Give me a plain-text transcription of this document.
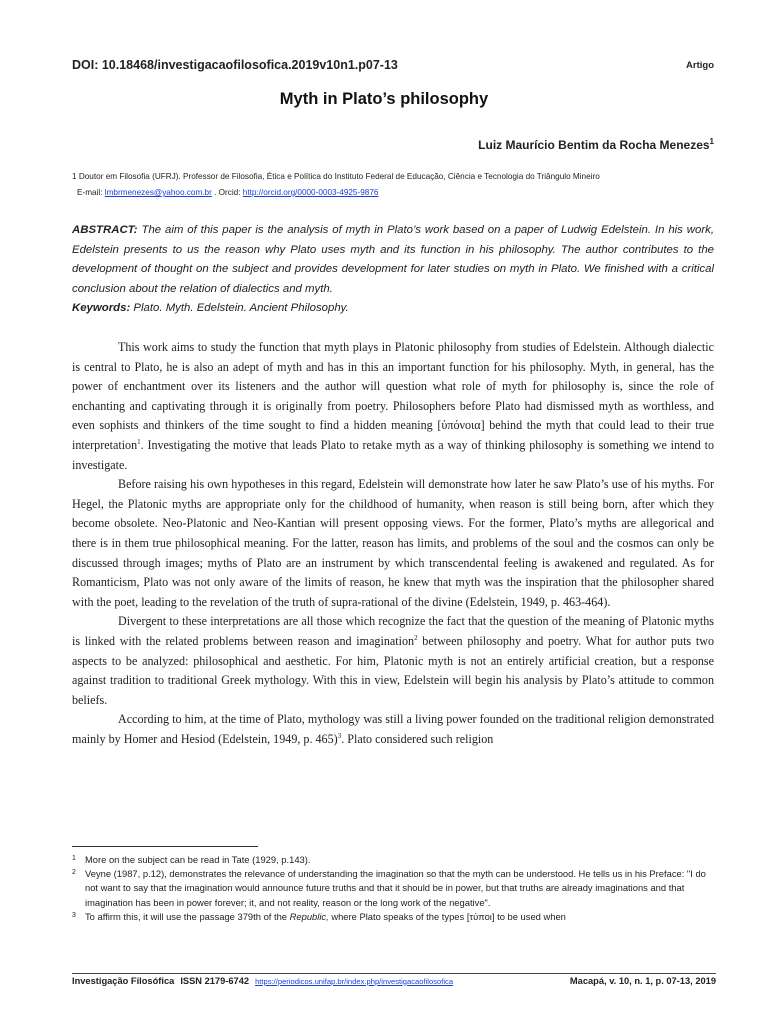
DOI: 10.18468/investigacaofilosofica.2019v10n1.p07-13	Artigo
Myth in Plato’s philosophy
Luiz Maurício Bentim da Rocha Menezes$^1$
1 Doutor em Filosofia (UFRJ). Professor de Filosofia, Ética e Política do Instituto Federal de Educação, Ciência e Tecnologia do Triângulo Mineiro
E-mail: lmbrmenezes@yahoo.com.br . Orcid: http://orcid.org/0000-0003-4925-9876
ABSTRACT: The aim of this paper is the analysis of myth in Plato’s work based on a paper of Ludwig Edelstein. In his work, Edelstein presents to us the reason why Plato uses myth and its function in his philosophy. The author contributes to the development of thought on the subject and provides development for later studies on myth in Plato. We finished with a critical conclusion about the relation of dialectics and myth.
Keywords: Plato. Myth. Edelstein. Ancient Philosophy.

This work aims to study the function that myth plays in Platonic philosophy from studies of Edelstein. Although dialectic is central to Plato, he is also an adept of myth and has in this an important function for his philosophy. Myth, in general, has the power of enchantment over its listeners and the author will question what role of myth for philosophy is, since the role of enchanting and captivating through it is originally from poetry. Philosophers before Plato had dismissed myth as worthless, and even sophists and thinkers of the time sought to find a hidden meaning [ὑπόνοια] behind the myth that could lead to their true interpretation$^1$. Investigating the motive that leads Plato to retake myth as a way of thinking philosophy is something we intend to investigate.

Before raising his own hypotheses in this regard, Edelstein will demonstrate how later he saw Plato’s use of his myths. For Hegel, the Platonic myths are appropriate only for the childhood of humanity, when reason is still being born, after which they become obsolete. Neo-Platonic and Neo-Kantian will present opposing views. For the former, Plato’s myths are allegorical and there is in them true philosophical meaning. For the latter, reason has limits, and problems of the soul and the cosmos can only be discussed through images; myths of Plato are an instrument by which transcendental feeling is awakened and regulated. As for Romanticism, Plato was not only aware of the limits of reason, he knew that myth was the inspiration that the philosopher shared with the poet, leading to the revelation of the truth of supra-rational of the divine (Edelstein, 1949, p. 463-464).

Divergent to these interpretations are all those which recognize the fact that the question of the meaning of Platonic myths is linked with the related problems between reason and imagination$^2$ between philosophy and poetry. What for author puts two aspects to be analyzed: philosophical and aesthetic. For him, Platonic myth is not an entirely artificial creation, but a response against tradition to traditional Greek mythology. With this in view, Edelstein will begin his analysis by Plato’s attitude to common beliefs.

According to him, at the time of Plato, mythology was still a living power founded on the traditional religion demonstrated mainly by Homer and Hesiod (Edelstein, 1949, p. 465)$^3$. Plato considered such religion

1 More on the subject can be read in Tate (1929, p.143).
2 Veyne (1987, p.12), demonstrates the relevance of understanding the imagination so that the myth can be understood. He tells us in his Preface: "I do not want to say that the imagination would announce future truths and that it should be in power, but that truths are already imaginations and that imagination has been in power forever; it, and not reality, reason or the long work of the negative".
3 To affirm this, it will use the passage 379th of the Republic, where Plato speaks of the types [τύποι] to be used when
Investigação Filosófica ISSN 2179-6742 https://periodicos.unifap.br/index.php/investigacaofilosofica	Macapá, v. 10, n. 1, p. 07-13, 2019
